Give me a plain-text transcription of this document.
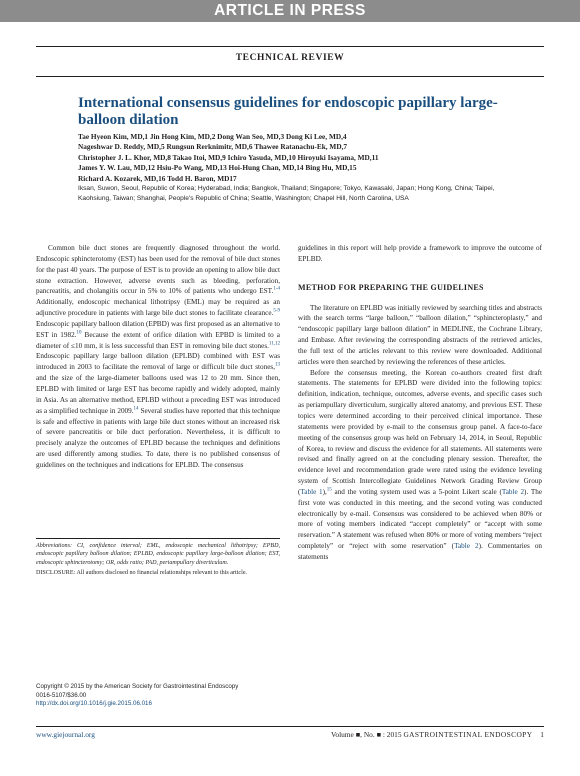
ARTICLE IN PRESS
TECHNICAL REVIEW
International consensus guidelines for endoscopic papillary large-balloon dilation
Tae Hyeon Kim, MD,1 Jin Hong Kim, MD,2 Dong Wan Seo, MD,3 Dong Ki Lee, MD,4
Nageshwar D. Reddy, MD,5 Rungsun Rerknimitr, MD,6 Thawee Ratanachu-Ek, MD,7
Christopher J. L. Khor, MD,8 Takao Itoi, MD,9 Ichiro Yasuda, MD,10 Hiroyuki Isayama, MD,11
James Y. W. Lau, MD,12 Hsiu-Po Wang, MD,13 Hoi-Hung Chan, MD,14 Bing Hu, MD,15
Richard A. Kozarek, MD,16 Todd H. Baron, MD17
Iksan, Suwon, Seoul, Republic of Korea; Hyderabad, India; Bangkok, Thailand; Singapore; Tokyo, Kawasaki, Japan; Hong Kong, China; Taipei, Kaohsiung, Taiwan; Shanghai, People's Republic of China; Seattle, Washington; Chapel Hill, North Carolina, USA

Common bile duct stones are frequently diagnosed throughout the world. Endoscopic sphincterotomy (EST) has been used for the removal of bile duct stones for the past 40 years. The purpose of EST is to provide an opening to allow bile duct stone extraction. However, adverse events such as bleeding, perforation, pancreatitis, and cholangitis occur in 5% to 10% of patients who undergo EST.$^{1-4}$ Additionally, endoscopic mechanical lithotripsy (EML) may be required as an adjunctive procedure in patients with large bile duct stones to facilitate clearance.$^{5-9}$ Endoscopic papillary balloon dilation (EPBD) was first proposed as an alternative to EST in 1982.10 Because the extent of orifice dilation with EPBD is limited to a diameter of ≤10 mm, it is less successful than EST in removing bile duct stones.$^{11,12}$ Endoscopic papillary large balloon dilation (EPLBD) combined with EST was introduced in 2003 to facilitate the removal of large or difficult bile duct stones,$^{13}$ and the size of the large-diameter balloons used was 12 to 20 mm. Since then, EPLBD with limited or large EST has become rapidly and widely adopted, mainly in Asia. As an alternative method, EPLBD without a preceding EST was introduced as a simplified technique in 2009.14 Several studies have reported that this technique is safe and effective in patients with large bile duct stones without an increased risk of severe pancreatitis or bile duct perforation. Nevertheless, it is difficult to precisely analyze the outcomes of EPLBD because the techniques and definitions are used differently among studies. To date, there is no published consensus of guidelines on the techniques and indications for EPLBD. The consensus

Abbreviations: CI, confidence interval; EML, endoscopic mechanical lithotripsy; EPBD, endoscopic papillary balloon dilation; EPLBD, endoscopic papillary large-balloon dilation; EST, endoscopic sphincterotomy; OR, odds ratio; PAD, periampullary diverticulum.

DISCLOSURE: All authors disclosed no financial relationships relevant to this article.

Copyright © 2015 by the American Society for Gastrointestinal Endoscopy
0016-5107/$36.00
http://dx.doi.org/10.1016/j.gie.2015.06.016

guidelines in this report will help provide a framework to improve the outcome of EPLBD.

METHOD FOR PREPARING THE GUIDELINES

The literature on EPLBD was initially reviewed by searching titles and abstracts with the search terms “large balloon,” “balloon dilation,” “sphincteroplasty,” and “endoscopic papillary large balloon dilation” in MEDLINE, the Cochrane Library, and Embase. After reviewing the corresponding abstracts of the retrieved articles, the full text of the articles relevant to this review were downloaded. Additional articles were then searched by reviewing the references of these articles.

Before the consensus meeting, the Korean co-authors created first draft statements. The statements for EPLBD were divided into the following topics: definition, indication, technique, outcomes, adverse events, and specific cases such as periampullary diverticulum, surgically altered anatomy, and previous EST. These topics were determined according to their perceived clinical importance. These statements were provided by e-mail to the consensus group panel. A face-to-face meeting of the consensus group was held on February 14, 2014, in Seoul, Republic of Korea, to review and discuss the evidence for all statements. All statements were revised and finally agreed on at the concluding plenary session. Thereafter, the evidence level and recommendation grade were rated using the evidence leveling system of Scottish Intercollegiate Guidelines Network Grading Review Group (Table 1),$^{15}$ and the voting system used was a 5-point Likert scale (Table 2). The first vote was conducted in this meeting, and the second voting was conducted electronically by e-mail. Consensus was considered to be achieved when 80% or more of voting members indicated “accept completely” or “accept with some reservation.” A statement was refused when 80% or more of voting members “reject completely” or “reject with some reservation” (Table 2). Commentaries on statements

www.giejournal.org	Volume ■, No. ■ : 2015 GASTROINTESTINAL ENDOSCOPY 1
